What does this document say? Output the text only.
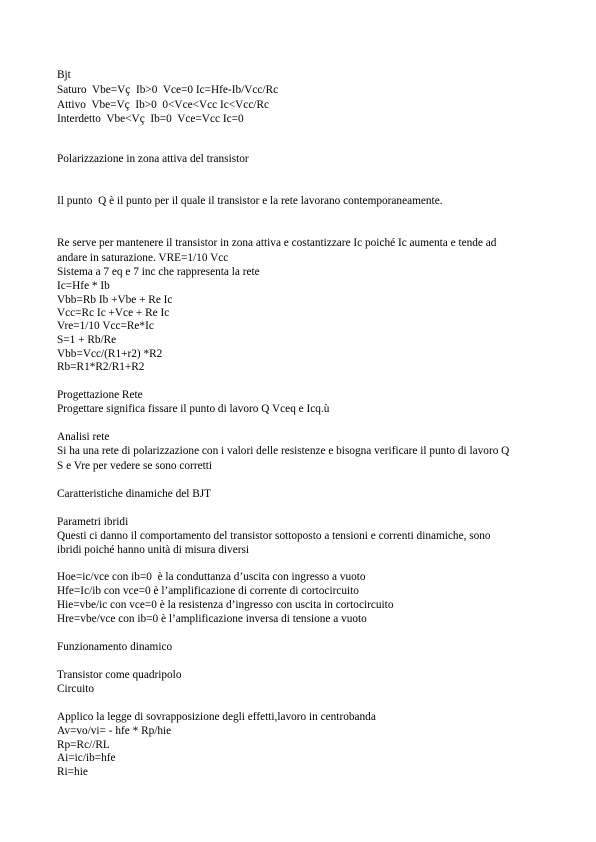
Bjt
Saturo  Vbe=Vç  Ib>0  Vce=0 Ic=Hfe-Ib/Vcc/Rc
Attivo  Vbe=Vç  Ib>0  0<Vce<Vcc Ic<Vcc/Rc
Interdetto  Vbe<Vç  Ib=0  Vce=Vcc Ic=0
Polarizzazione in zona attiva del transistor
Il punto  Q è il punto per il quale il transistor e la rete lavorano contemporaneamente.
Re serve per mantenere il transistor in zona attiva e costantizzare Ic poiché Ic aumenta e tende ad
andare in saturazione. VRE=1/10 Vcc
Sistema a 7 eq e 7 inc che rappresenta la rete
Ic=Hfe * Ib
Vbb=Rb Ib +Vbe + Re Ic
Vcc=Rc Ic +Vce + Re Ic
Vre=1/10 Vcc=Re*Ic
S=1 + Rb/Re
Vbb=Vcc/(R1+r2) *R2
Rb=R1*R2/R1+R2
Progettazione Rete
Progettare significa fissare il punto di lavoro Q Vceq e Icq.ù
Analisi rete
Si ha una rete di polarizzazione con i valori delle resistenze e bisogna verificare il punto di lavoro Q
S e Vre per vedere se sono corretti
Caratteristiche dinamiche del BJT
Parametri ibridi
Questi ci danno il comportamento del transistor sottoposto a tensioni e correnti dinamiche, sono
ibridi poiché hanno unità di misura diversi
Hoe=ic/vce con ib=0  è la conduttanza d’uscita con ingresso a vuoto
Hfe=Ic/ib con vce=0 è l’amplificazione di corrente di cortocircuito
Hie=vbe/ic con vce=0 è la resistenza d’ingresso con uscita in cortocircuito
Hre=vbe/vce con ib=0 è l’amplificazione inversa di tensione a vuoto
Funzionamento dinamico
Transistor come quadripolo
Circuito
Applico la legge di sovrapposizione degli effetti,lavoro in centrobanda
Av=vo/vi= - hfe * Rp/hie
Rp=Rc//RL
Ai=ic/ib=hfe
Ri=hie
